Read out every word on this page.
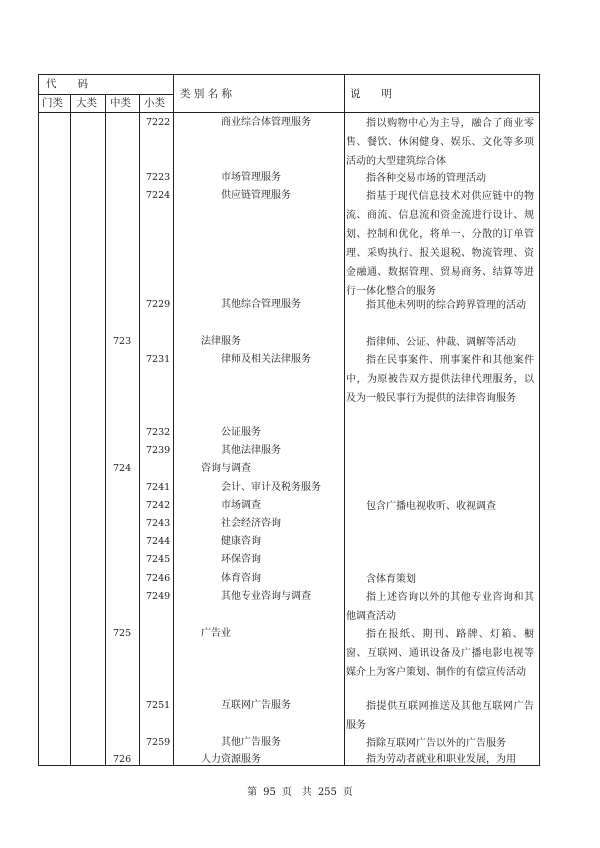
代　　码
门类 大类 中类 小类
类 别 名 称	说　　明
7222	商业综合体管理服务	指以购物中心为主导，融合了商业零售、餐饮、休闲健身、娱乐、文化等多项活动的大型建筑综合体
7223	市场管理服务	指各种交易市场的管理活动
7224	供应链管理服务	指基于现代信息技术对供应链中的物流、商流、信息流和资金流进行设计、规划、控制和优化，将单一、分散的订单管理、采购执行、报关退税、物流管理、资金融通、数据管理、贸易商务、结算等进行一体化整合的服务
7229	其他综合管理服务	指其他未列明的综合跨界管理的活动
723	法律服务	指律师、公证、仲裁、调解等活动
7231	律师及相关法律服务	指在民事案件、刑事案件和其他案件中，为原被告双方提供法律代理服务，以及为一般民事行为提供的法律咨询服务
7232	公证服务
7239	其他法律服务
724	咨询与调查
7241	会计、审计及税务服务
7242	市场调查	包含广播电视收听、收视调查
7243	社会经济咨询
7244	健康咨询
7245	环保咨询
7246	体育咨询	含体育策划
7249	其他专业咨询与调查	指上述咨询以外的其他专业咨询和其他调查活动
725	广告业	指在报纸、期刊、路牌、灯箱、橱窗、互联网、通讯设备及广播电影电视等媒介上为客户策划、制作的有偿宣传活动
7251	互联网广告服务	指提供互联网推送及其他互联网广告服务
7259	其他广告服务	指除互联网广告以外的广告服务
726	人力资源服务	指为劳动者就业和职业发展，为用
第 95 页　共 255 页
